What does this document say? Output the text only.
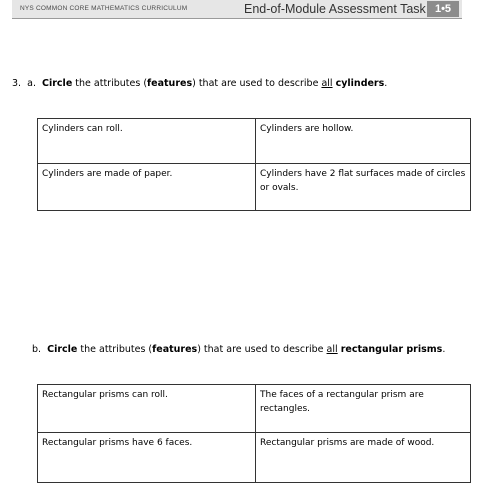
NYS COMMON CORE MATHEMATICS CURRICULUM	End-of-Module Assessment Task 1•5
3. a. Circle the attributes (features) that are used to describe all cylinders.
Cylinders can roll.	Cylinders are hollow.
Cylinders are made of paper.	Cylinders have 2 flat surfaces made of circles or ovals.
b. Circle the attributes (features) that are used to describe all rectangular prisms.
Rectangular prisms can roll.	The faces of a rectangular prism are rectangles.
Rectangular prisms have 6 faces.	Rectangular prisms are made of wood.
